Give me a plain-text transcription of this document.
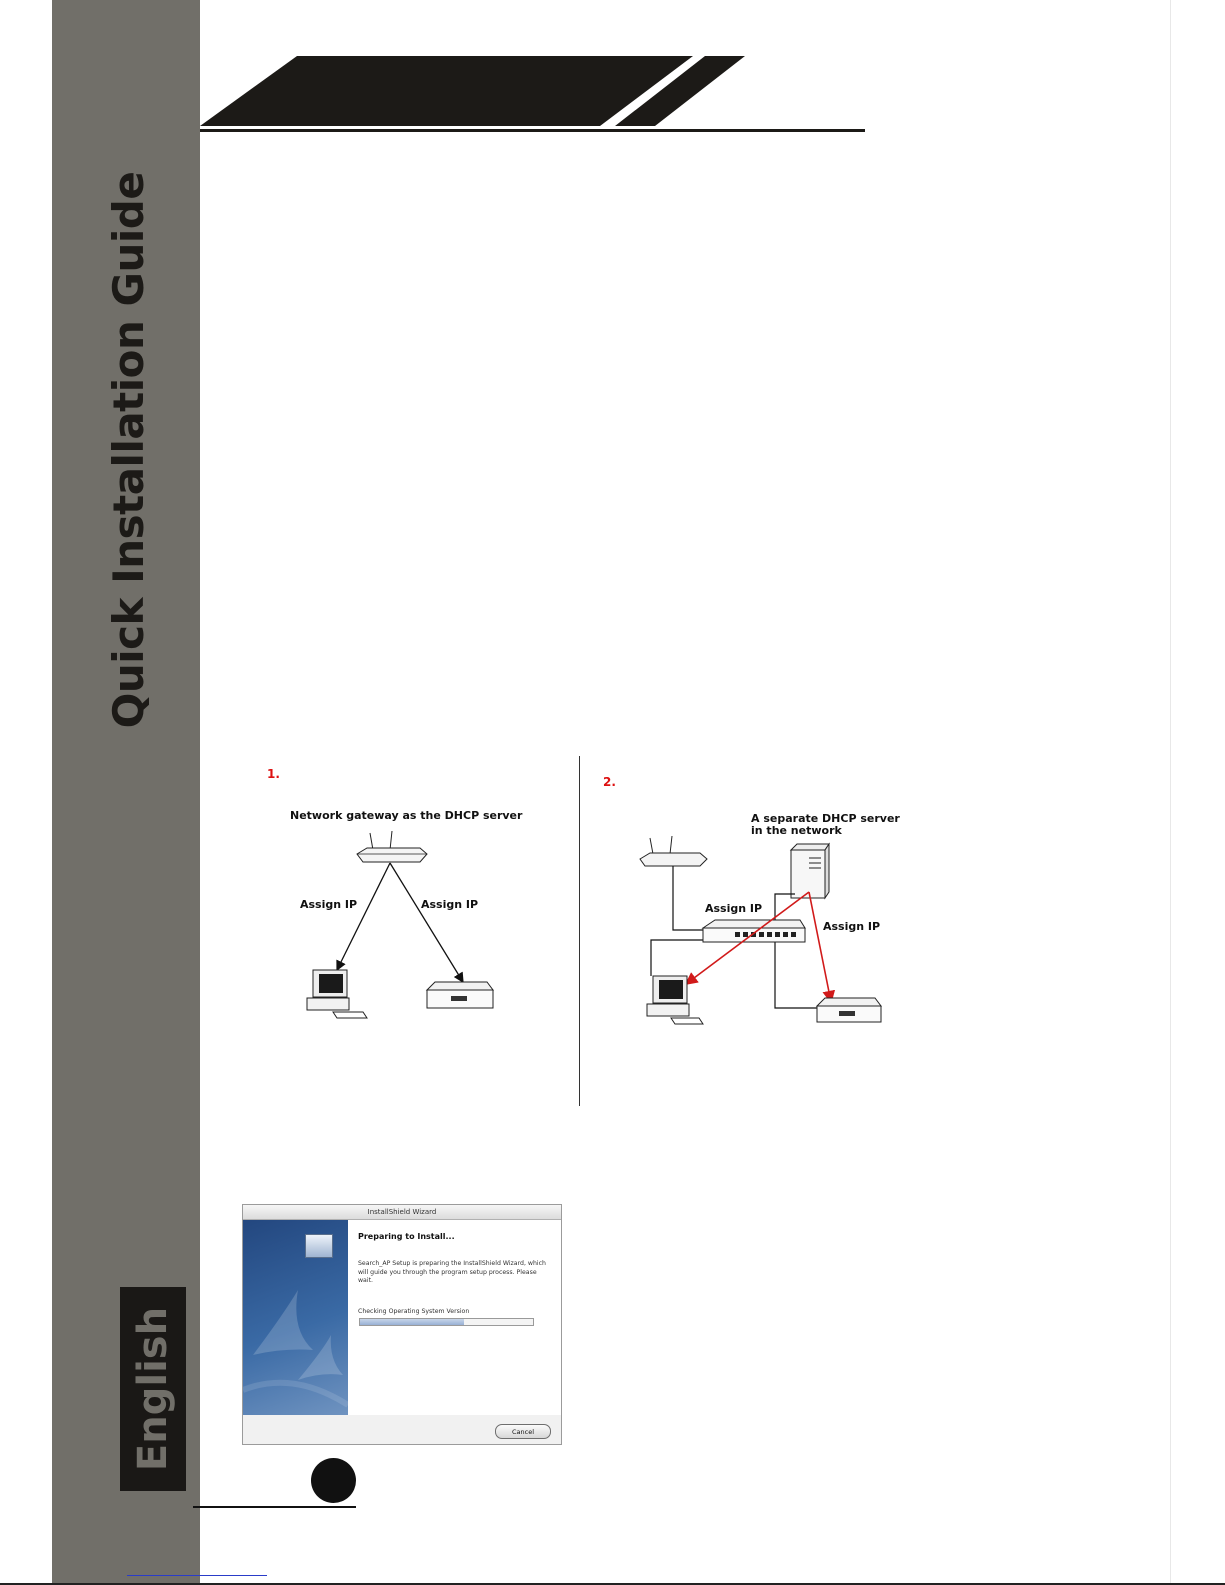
Quick Installation Guide
English
1.
Network gateway as the DHCP server
Assign IP	Assign IP
2.
A separate DHCP server
in the network
Assign IP
Assign IP
InstallShield Wizard
Preparing to Install...
Search_AP Setup is preparing the InstallShield Wizard, which will guide you through the program setup process. Please wait.
Checking Operating System Version
Cancel
